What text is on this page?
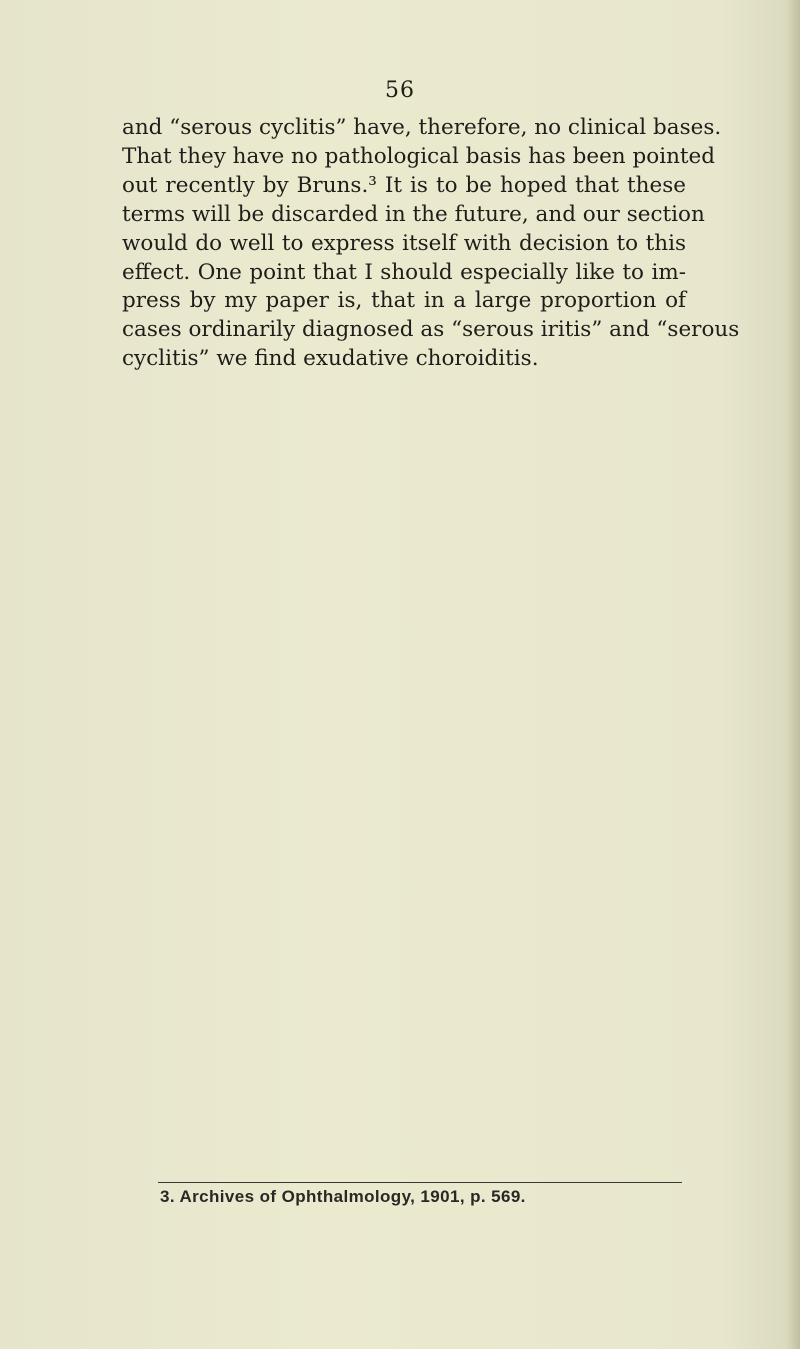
56
and “serous cyclitis” have, therefore, no clinical bases.
That they have no pathological basis has been pointed
out recently by Bruns.³ It is to be hoped that these
terms will be discarded in the future, and our section
would do well to express itself with decision to this
effect. One point that I should especially like to im-
press by my paper is, that in a large proportion of
cases ordinarily diagnosed as “serous iritis” and “serous
cyclitis” we find exudative choroiditis.
3. Archives of Ophthalmology, 1901, p. 569.
